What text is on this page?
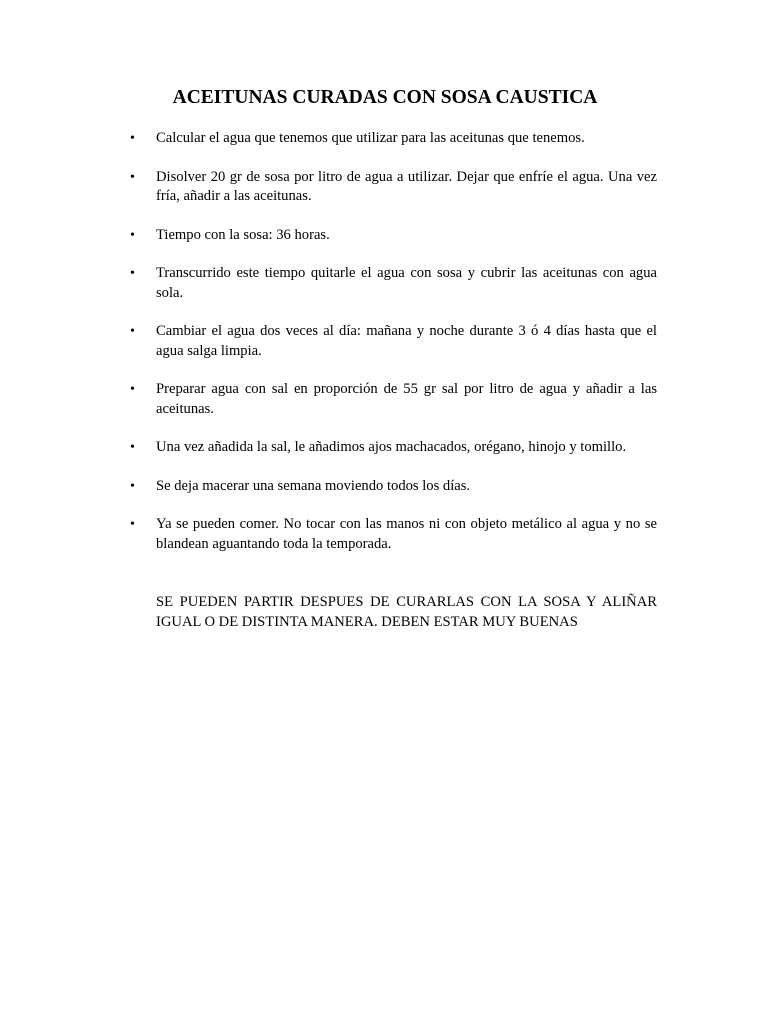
ACEITUNAS CURADAS CON SOSA CAUSTICA
• Calcular el agua que tenemos que utilizar para las aceitunas que tenemos.
• Disolver 20 gr de sosa por litro de agua a utilizar. Dejar que enfríe el agua. Una vez fría, añadir a las aceitunas.
• Tiempo con la sosa: 36 horas.
• Transcurrido este tiempo quitarle el agua con sosa y cubrir las aceitunas con agua sola.
• Cambiar el agua dos veces al día: mañana y noche durante 3 ó 4 días hasta que el agua salga limpia.
• Preparar agua con sal en proporción de 55 gr sal por litro de agua y añadir a las aceitunas.
• Una vez añadida la sal, le añadimos ajos machacados, orégano, hinojo y tomillo.
• Se deja macerar una semana moviendo todos los días.
• Ya se pueden comer. No tocar con las manos ni con objeto metálico al agua y no se blandean aguantando toda la temporada.

SE PUEDEN PARTIR DESPUES DE CURARLAS CON LA SOSA Y ALIÑAR IGUAL O DE DISTINTA MANERA. DEBEN ESTAR MUY BUENAS
